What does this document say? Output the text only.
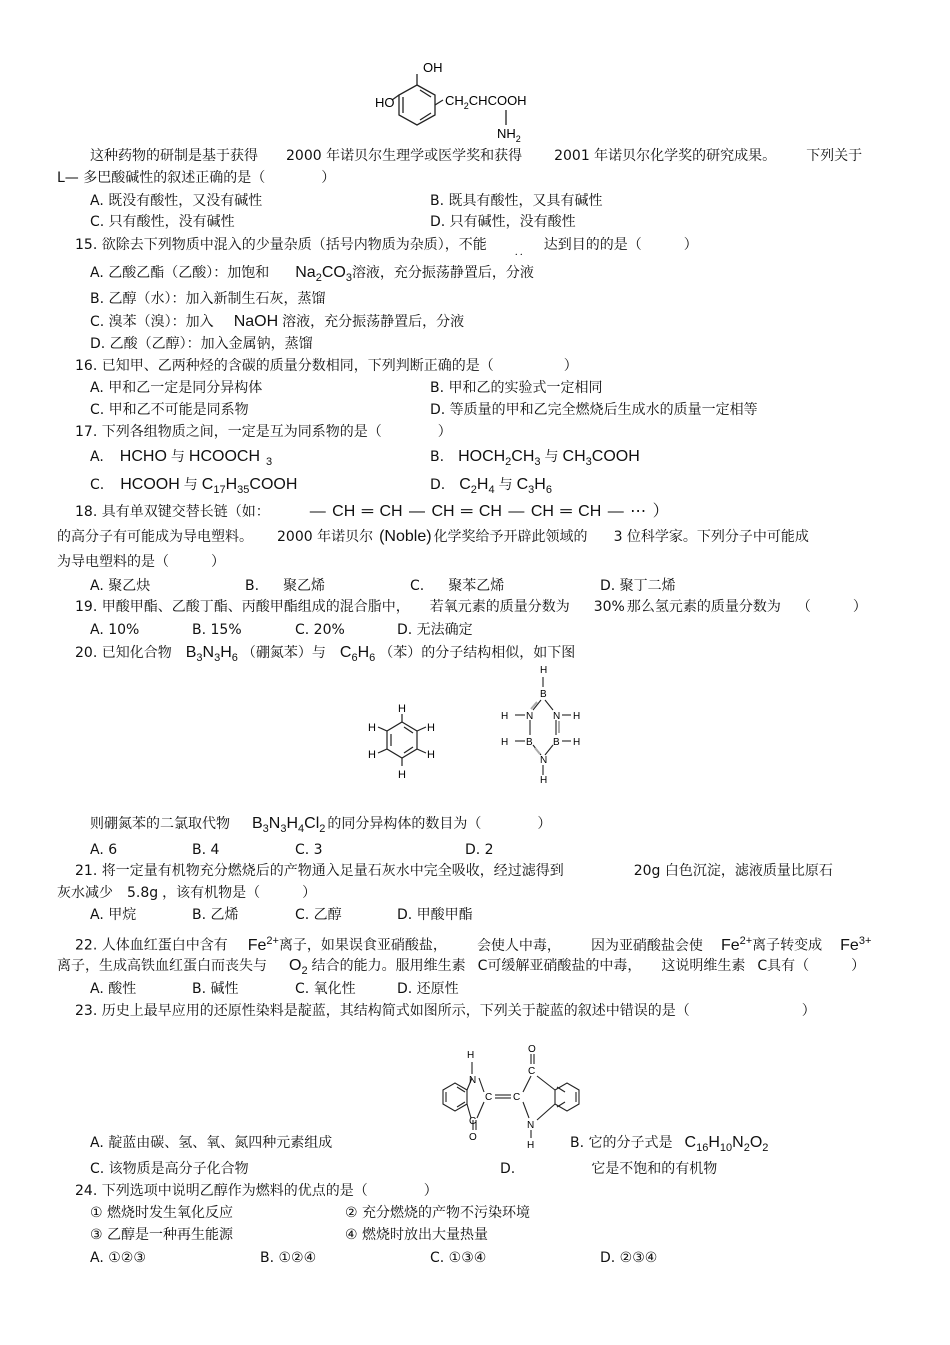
OH
HO	$CH_2CHCOOH$
$NH_2$
这种药物的研制是基于获得 2000 年诺贝尔生理学或医学奖和获得 2001 年诺贝尔化学奖的研究成果。 下列关于
L— 多巴酸碱性的叙述正确的是（　　　　）
A. 既没有酸性，又没有碱性	B. 既具有酸性，又具有碱性
C. 只有酸性，没有碱性	D. 只有碱性，没有酸性
15. 欲除去下列物质中混入的少量杂质（括号内物质为杂质），不能	$_{..}$ 达到目的的是（　　　）
A. 乙酸乙酯（乙酸）：加饱和 $Na_2CO_3$溶液，充分振荡静置后，分液
B. 乙醇（水）：加入新制生石灰，蒸馏
C. 溴苯（溴）：加入 NaOH 溶液，充分振荡静置后，分液
D. 乙酸（乙醇）：加入金属钠，蒸馏
16. 已知甲、乙两种烃的含碳的质量分数相同，下列判断正确的是（　　　　　）
A. 甲和乙一定是同分异构体	B. 甲和乙的实验式一定相同
C. 甲和乙不可能是同系物	D. 等质量的甲和乙完全燃烧后生成水的质量一定相等
17. 下列各组物质之间，一定是互为同系物的是（　　　　）
A. HCHO 与 HCOOCH $_3$	B. $HOCH_2CH_3$ 与 $CH_3COOH$
C. HCOOH 与 $C_{17}H_{35}COOH$	D. $C_2H_4$ 与 $C_3H_6$
18. 具有单双键交替长链（如：	— CH ═ CH — CH ═ CH — CH ═ CH — ⋯ ）
的高分子有可能成为导电塑料。 2000 年诺贝尔 (Noble) 化学奖给予开辟此领域的 3 位科学家。下列分子中可能成
为导电塑料的是（　　　）
A. 聚乙炔	B. 聚乙烯	C. 聚苯乙烯	D. 聚丁二烯
19. 甲酸甲酯、乙酸丁酯、丙酸甲酯组成的混合脂中， 若氧元素的质量分数为 30% 那么氢元素的质量分数为 （　　　）
A. 10%	B. 15%	C. 20%	D. 无法确定
20. 已知化合物 $B_3N_3H_6$ （硼氮苯）与 $C_6H_6$ （苯）的分子结构相似，如下图
H
H
H
H
H
H
H
B
H N N H
H B B H
N
H
则硼氮苯的二氯取代物 $B_3N_3H_4Cl_2$ 的同分异构体的数目为（　　　　）
A. 6	B. 4	C. 3	D. 2
21. 将一定量有机物充分燃烧后的产物通入足量石灰水中完全吸收，经过滤得到	20g 白色沉淀，滤液质量比原石
灰水减少 5.8g ，该有机物是（　　　）
A. 甲烷	B. 乙烯	C. 乙醇	D. 甲酸甲酯
22. 人体血红蛋白中含有 $Fe^{2+}$离子，如果误食亚硝酸盐， 会使人中毒， 因为亚硝酸盐会使 $Fe^{2+}$离子转变成 $Fe^{3+}$
离子，生成高铁血红蛋白而丧失与 $O_2$ 结合的能力。服用维生素 C可缓解亚硝酸盐的中毒， 这说明维生素 C具有（　　　）
A. 酸性	B. 碱性	C. 氧化性	D. 还原性
23. 历史上最早应用的还原性染料是靛蓝，其结构简式如图所示，下列关于靛蓝的叙述中错误的是（　　　　　　　　）
H
N
C C
C
O
O
C
N
H
A. 靛蓝由碳、氢、氧、氮四种元素组成	B. 它的分子式是 $C_{16}H_{10}N_2O_2$
C. 该物质是高分子化合物	D.	它是不饱和的有机物
24. 下列选项中说明乙醇作为燃料的优点的是（　　　　）
① 燃烧时发生氧化反应	② 充分燃烧的产物不污染环境
③ 乙醇是一种再生能源	④ 燃烧时放出大量热量
A. ①②③	B. ①②④	C. ①③④	D. ②③④
